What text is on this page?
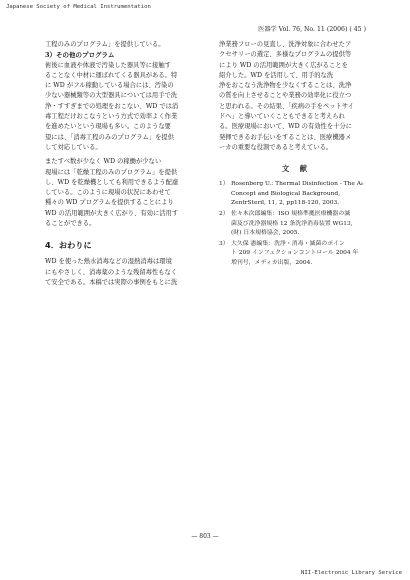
Japanese Society of Medical Instrumentation
医器学 Vol. 76, No. 11 (2006) ( 45 )
工程のみのプログラム」を提供している。
3）その他のプログラム
術後に血液や体液で汚染した器具等に接触す
ることなく中材に運ばれてくる器具がある。特
に WD がフル稼動している場合には、汚染の
少ない器械類等の大型器具については用手で洗
浄・すすぎまでの処理をおこない、WD では消
毒工程だけおこなうという方式で効率よく作業
を進めたいという現場も多い。このような要
望には、「消毒工程のみのプログラム」を提供
して対応している。
またすべ数が少なく WD の稼働が少ない
現場には「乾燥工程のみのプログラム」を提供
し、WD を乾燥機としても利用できるよう配慮
している。このように現場の状況にあわせて
種々の WD プログラムを提供することにより
WD の活用範囲が大きく広がり、有効に活用す
ることができる。
4．おわりに
WD を使った熱水消毒などの湿熱消毒は環境
にもやさしく、消毒薬のような残留毒性もなく
て安全である。本稿では実際の事例をもとに洗
浄業務フローの見直し、洗浄対象に合わせたア
クセサリーの選定、多様なプログラムの提供等
により WD の活用範囲が大きく広がることを
紹介した。WD を活用して、用手的な洗
浄をおこなう洗浄物を少なくすることは、洗浄
の質を向上させることや業務の効率化に役立つ
と思われる。その結果、「疾病の手をペットサイ
ドへ」と導いていくこともできると考えられ
る。医療現場において、WD の有効性を十分に
発揮できるお手伝いをすることは、医療機器メ
ーカの重要な役割であると考えている。
文 献
1） Rosenberg U.: Thermal Disinfection - The A₀
Concept and Biological Background,
ZentrSteril, 11, 2, pp118-120, 2003.
2） 佐々木次郎編集：ISO 規格準拠医療機器の滅
菌及び洗浄器規格 12 条洗浄消毒装置 WG13,
(財) 日本規格協会, 2005.
3） 大久保 憲編集：洗浄・消毒・滅菌のポイン
ト 209 インフェクションコントロール 2004 年
増刊号，メディカ出版，2004.
— 803 —
NII-Electronic Library Service
